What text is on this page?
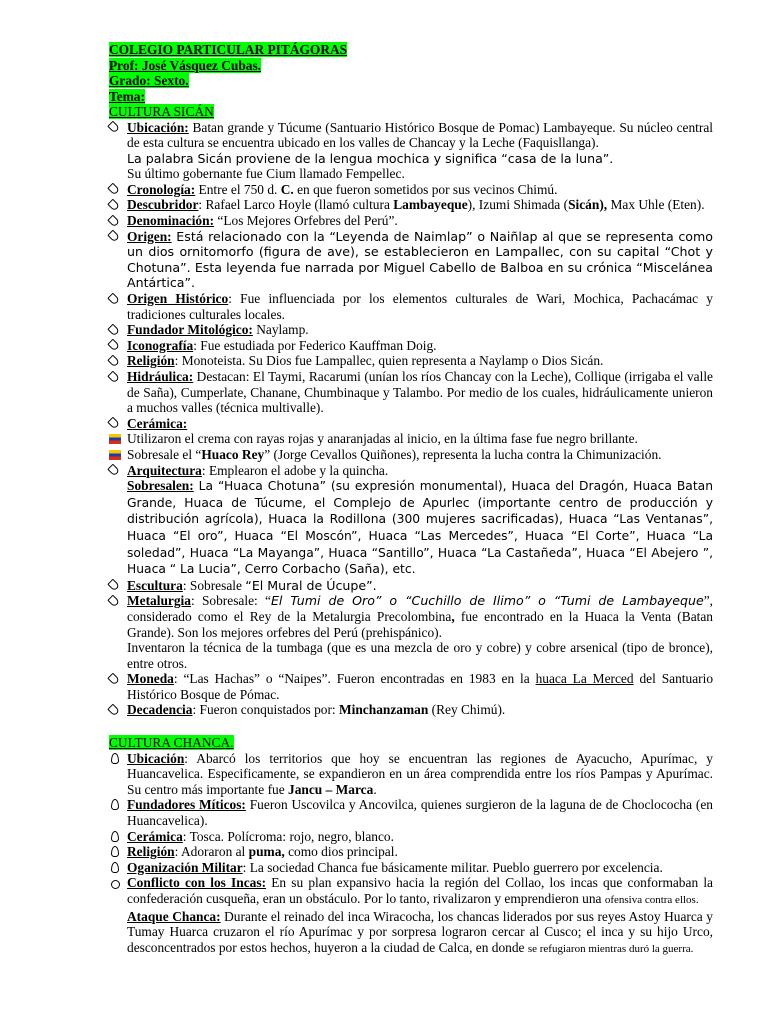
COLEGIO PARTICULAR PITÁGORAS
Prof: José Vásquez Cubas.
Grado: Sexto.
Tema:
CULTURA SICÁN
Ubicación: Batan grande y Túcume (Santuario Histórico Bosque de Pomac) Lambayeque. Su núcleo central de esta cultura se encuentra ubicado en los valles de Chancay y la Leche (Faquisllanga).
La palabra Sicán proviene de la lengua mochica y significa “casa de la luna”.
Su último gobernante fue Cium llamado Fempellec.
Cronología: Entre el 750 d. C. en que fueron sometidos por sus vecinos Chimú.
Descubridor: Rafael Larco Hoyle (llamó cultura Lambayeque), Izumi Shimada (Sicán), Max Uhle (Eten).
Denominación: “Los Mejores Orfebres del Perú”.
Origen: Está relacionado con la “Leyenda de Naimlap” o Naiñlap al que se representa como un dios ornitomorfo (figura de ave), se establecieron en Lampallec, con su capital “Chot y Chotuna”. Esta leyenda fue narrada por Miguel Cabello de Balboa en su crónica “Miscelánea Antártica”.
Origen Histórico: Fue influenciada por los elementos culturales de Wari, Mochica, Pachacámac y tradiciones culturales locales.
Fundador Mitológico: Naylamp.
Iconografía: Fue estudiada por Federico Kauffman Doig.
Religión: Monoteista. Su Dios fue Lampallec, quien representa a Naylamp o Dios Sicán.
Hidráulica: Destacan: El Taymi, Racarumi (unían los ríos Chancay con la Leche), Collique (irrigaba el valle de Saña), Cumperlate, Chanane, Chumbinaque y Talambo. Por medio de los cuales, hidráulicamente unieron a muchos valles (técnica multivalle).
Cerámica:
Utilizaron el crema con rayas rojas y anaranjadas al inicio, en la última fase fue negro brillante.
Sobresale el “Huaco Rey” (Jorge Cevallos Quiñones), representa la lucha contra la Chimunización.
Arquitectura: Emplearon el adobe y la quincha.
Sobresalen: La “Huaca Chotuna” (su expresión monumental), Huaca del Dragón, Huaca Batan Grande, Huaca de Túcume, el Complejo de Apurlec (importante centro de producción y distribución agrícola), Huaca la Rodillona (300 mujeres sacrificadas), Huaca “Las Ventanas”, Huaca “El oro”, Huaca “El Moscón”, Huaca “Las Mercedes”, Huaca “El Corte”, Huaca “La soledad”, Huaca “La Mayanga”, Huaca “Santillo”, Huaca “La Castañeda”, Huaca “El Abejero ”, Huaca “ La Lucia”, Cerro Corbacho (Saña), etc.
Escultura: Sobresale “El Mural de Úcupe”.
Metalurgia: Sobresale: “El Tumi de Oro” o “Cuchillo de Ilimo” o “Tumi de Lambayeque”, considerado como el Rey de la Metalurgia Precolombina, fue encontrado en la Huaca la Venta (Batan Grande). Son los mejores orfebres del Perú (prehispánico).
Inventaron la técnica de la tumbaga (que es una mezcla de oro y cobre) y cobre arsenical (tipo de bronce), entre otros.
Moneda: “Las Hachas” o “Naipes”. Fueron encontradas en 1983 en la huaca La Merced del Santuario Histórico Bosque de Pómac.
Decadencia: Fueron conquistados por: Minchanzaman (Rey Chimú).
CULTURA CHANCA.
Ubicación: Abarcó los territorios que hoy se encuentran las regiones de Ayacucho, Apurímac, y Huancavelica. Especificamente, se expandieron en un área comprendida entre los ríos Pampas y Apurímac. Su centro más importante fue Jancu – Marca.
Fundadores Míticos: Fueron Uscovilca y Ancovilca, quienes surgieron de la laguna de de Choclococha (en Huancavelica).
Cerámica: Tosca. Polícroma: rojo, negro, blanco.
Religión: Adoraron al puma, como dios principal.
Oganización Militar: La sociedad Chanca fue básicamente militar. Pueblo guerrero por excelencia.
Conflicto con los Incas: En su plan expansivo hacia la región del Collao, los incas que conformaban la confederación cusqueña, eran un obstáculo. Por lo tanto, rivalizaron y emprendieron una ofensiva contra ellos.
Ataque Chanca: Durante el reinado del inca Wiracocha, los chancas liderados por sus reyes Astoy Huarca y Tumay Huarca cruzaron el río Apurímac y por sorpresa lograron cercar al Cusco; el inca y su hijo Urco, desconcentrados por estos hechos, huyeron a la ciudad de Calca, en donde se refugiaron mientras duró la guerra.
